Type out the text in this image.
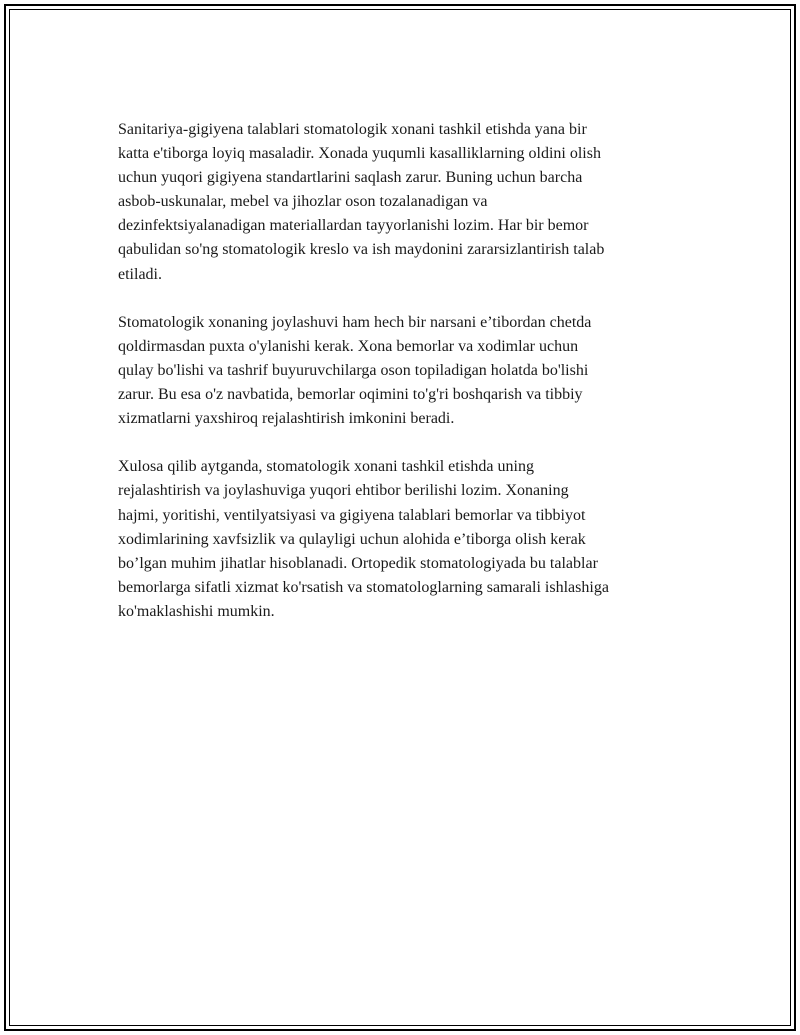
Sanitariya-gigiyena talablari stomatologik xonani tashkil etishda yana bir
katta e'tiborga loyiq masaladir. Xonada yuqumli kasalliklarning oldini olish
uchun yuqori gigiyena standartlarini saqlash zarur. Buning uchun barcha
asbob-uskunalar, mebel va jihozlar oson tozalanadigan va
dezinfektsiyalanadigan materiallardan tayyorlanishi lozim. Har bir bemor
qabulidan so'ng stomatologik kreslo va ish maydonini zararsizlantirish talab
etiladi.

Stomatologik xonaning joylashuvi ham hech bir narsani e’tibordan chetda
qoldirmasdan puxta o'ylanishi kerak. Xona bemorlar va xodimlar uchun
qulay bo'lishi va tashrif buyuruvchilarga oson topiladigan holatda bo'lishi
zarur. Bu esa o'z navbatida, bemorlar oqimini to'g'ri boshqarish va tibbiy
xizmatlarni yaxshiroq rejalashtirish imkonini beradi.

Xulosa qilib aytganda, stomatologik xonani tashkil etishda uning
rejalashtirish va joylashuviga yuqori ehtibor berilishi lozim. Xonaning
hajmi, yoritishi, ventilyatsiyasi va gigiyena talablari bemorlar va tibbiyot
xodimlarining xavfsizlik va qulayligi uchun alohida e’tiborga olish kerak
bo’lgan muhim jihatlar hisoblanadi. Ortopedik stomatologiyada bu talablar
bemorlarga sifatli xizmat ko'rsatish va stomatologlarning samarali ishlashiga
ko'maklashishi mumkin.
